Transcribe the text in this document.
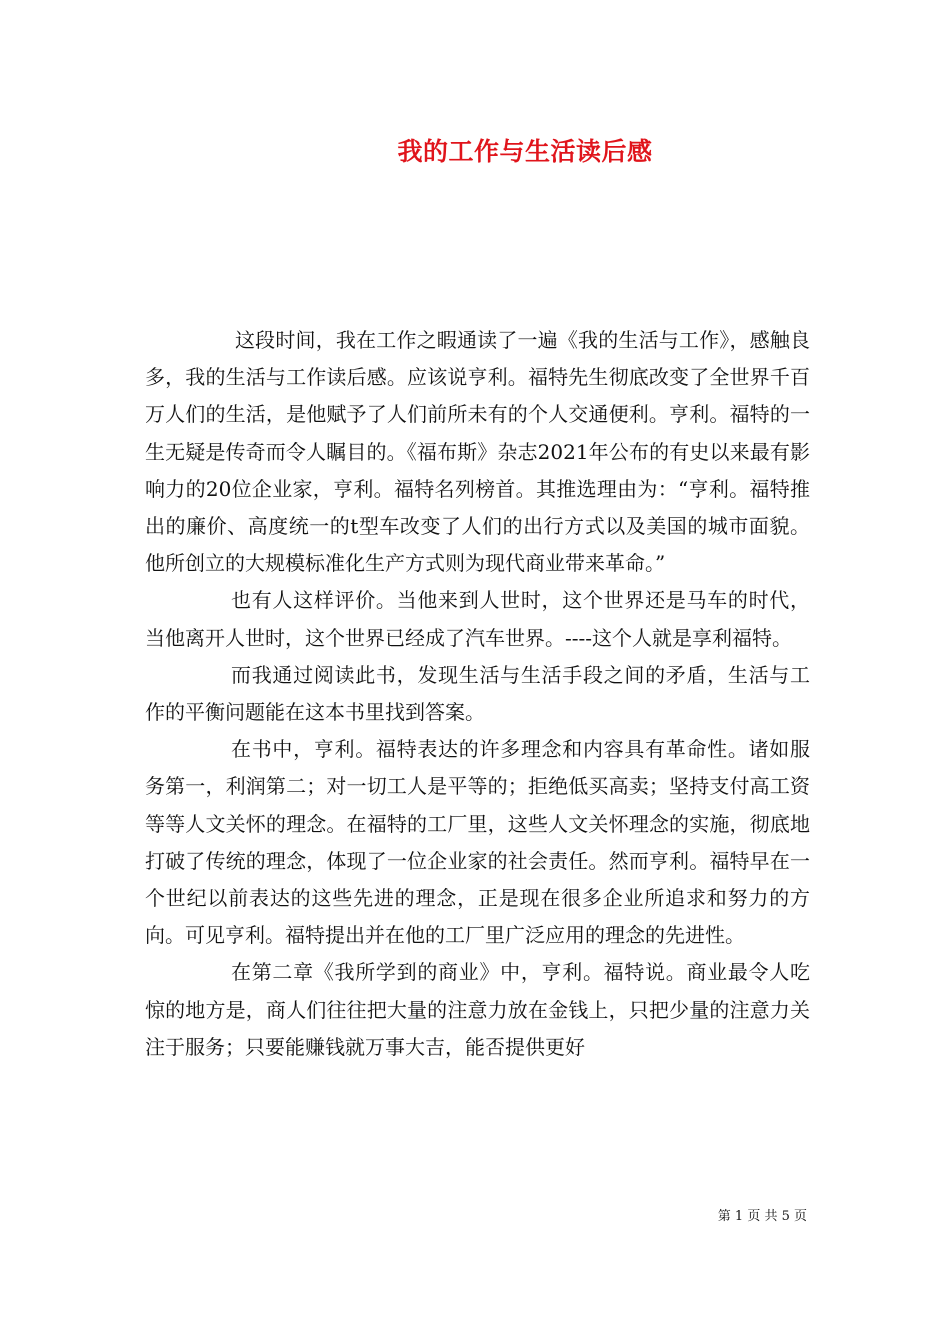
我的工作与生活读后感

这段时间，我在工作之暇通读了一遍《我的生活与工作》，感触良多，我的生活与工作读后感。应该说亨利。福特先生彻底改变了全世界千百万人们的生活，是他赋予了人们前所未有的个人交通便利。亨利。福特的一生无疑是传奇而令人瞩目的。《福布斯》杂志2021年公布的有史以来最有影响力的20位企业家，亨利。福特名列榜首。其推选理由为：“亨利。福特推出的廉价、高度统一的t型车改变了人们的出行方式以及美国的城市面貌。他所创立的大规模标准化生产方式则为现代商业带来革命。”

也有人这样评价。当他来到人世时，这个世界还是马车的时代，当他离开人世时，这个世界已经成了汽车世界。----这个人就是享利福特。

而我通过阅读此书，发现生活与生活手段之间的矛盾，生活与工作的平衡问题能在这本书里找到答案。

在书中，亨利。福特表达的许多理念和内容具有革命性。诸如服务第一，利润第二；对一切工人是平等的；拒绝低买高卖；坚持支付高工资等等人文关怀的理念。在福特的工厂里，这些人文关怀理念的实施，彻底地打破了传统的理念，体现了一位企业家的社会责任。然而亨利。福特早在一个世纪以前表达的这些先进的理念，正是现在很多企业所追求和努力的方向。可见亨利。福特提出并在他的工厂里广泛应用的理念的先进性。

在第二章《我所学到的商业》中，亨利。福特说。商业最令人吃惊的地方是，商人们往往把大量的注意力放在金钱上，只把少量的注意力关注于服务；只要能赚钱就万事大吉，能否提供更好

第 1 页 共 5 页
